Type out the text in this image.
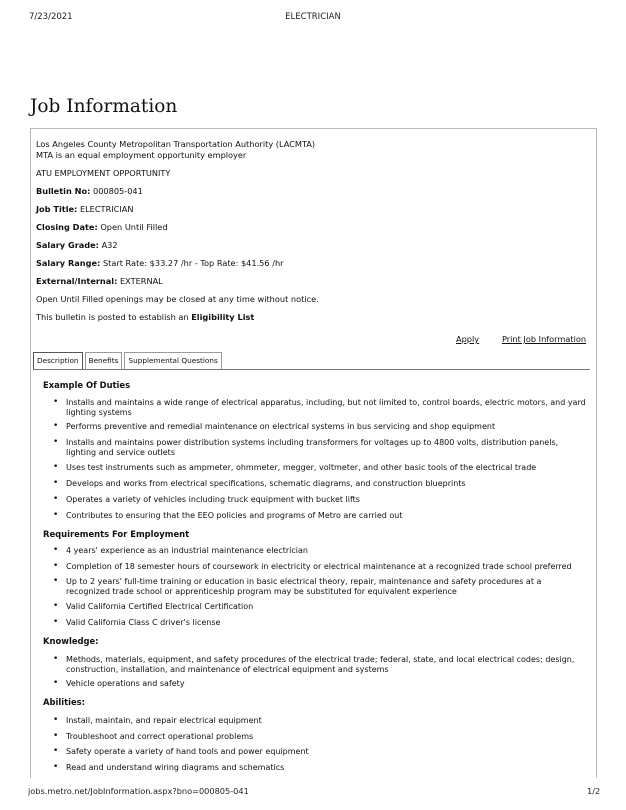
7/23/2021	ELECTRICIAN
Job Information
Los Angeles County Metropolitan Transportation Authority (LACMTA)
MTA is an equal employment opportunity employer
ATU EMPLOYMENT OPPORTUNITY
Bulletin No: 000805-041
Job Title: ELECTRICIAN
Closing Date: Open Until Filled
Salary Grade: A32
Salary Range: Start Rate: $33.27 /hr - Top Rate: $41.56 /hr
External/Internal: EXTERNAL
Open Until Filled openings may be closed at any time without notice.
This bulletin is posted to establish an Eligibility List
Apply	Print Job Information
Description	Benefits	Supplemental Questions
Example Of Duties
• Installs and maintains a wide range of electrical apparatus, including, but not limited to, control boards, electric motors, and yard lighting systems
• Performs preventive and remedial maintenance on electrical systems in bus servicing and shop equipment
• Installs and maintains power distribution systems including transformers for voltages up to 4800 volts, distribution panels, lighting and service outlets
• Uses test instruments such as ampmeter, ohmmeter, megger, voltmeter, and other basic tools of the electrical trade
• Develops and works from electrical specifications, schematic diagrams, and construction blueprints
• Operates a variety of vehicles including truck equipment with bucket lifts
• Contributes to ensuring that the EEO policies and programs of Metro are carried out
Requirements For Employment
• 4 years' experience as an industrial maintenance electrician
• Completion of 18 semester hours of coursework in electricity or electrical maintenance at a recognized trade school preferred
• Up to 2 years' full-time training or education in basic electrical theory, repair, maintenance and safety procedures at a recognized trade school or apprenticeship program may be substituted for equivalent experience
• Valid California Certified Electrical Certification
• Valid California Class C driver's license
Knowledge:
• Methods, materials, equipment, and safety procedures of the electrical trade; federal, state, and local electrical codes; design, construction, installation, and maintenance of electrical equipment and systems
• Vehicle operations and safety
Abilities:
• Install, maintain, and repair electrical equipment
• Troubleshoot and correct operational problems
• Safety operate a variety of hand tools and power equipment
• Read and understand wiring diagrams and schematics
jobs.metro.net/JobInformation.aspx?bno=000805-041	1/2
